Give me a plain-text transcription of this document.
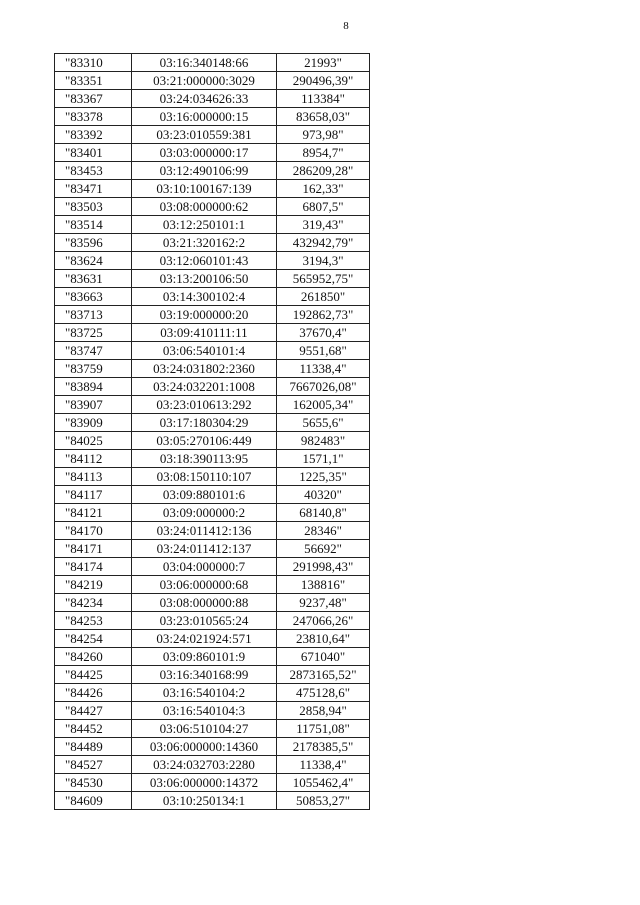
8
"83310	03:16:340148:66	21993"
"83351	03:21:000000:3029	290496,39"
"83367	03:24:034626:33	113384"
"83378	03:16:000000:15	83658,03"
"83392	03:23:010559:381	973,98"
"83401	03:03:000000:17	8954,7"
"83453	03:12:490106:99	286209,28"
"83471	03:10:100167:139	162,33"
"83503	03:08:000000:62	6807,5"
"83514	03:12:250101:1	319,43"
"83596	03:21:320162:2	432942,79"
"83624	03:12:060101:43	3194,3"
"83631	03:13:200106:50	565952,75"
"83663	03:14:300102:4	261850"
"83713	03:19:000000:20	192862,73"
"83725	03:09:410111:11	37670,4"
"83747	03:06:540101:4	9551,68"
"83759	03:24:031802:2360	11338,4"
"83894	03:24:032201:1008	7667026,08"
"83907	03:23:010613:292	162005,34"
"83909	03:17:180304:29	5655,6"
"84025	03:05:270106:449	982483"
"84112	03:18:390113:95	1571,1"
"84113	03:08:150110:107	1225,35"
"84117	03:09:880101:6	40320"
"84121	03:09:000000:2	68140,8"
"84170	03:24:011412:136	28346"
"84171	03:24:011412:137	56692"
"84174	03:04:000000:7	291998,43"
"84219	03:06:000000:68	138816"
"84234	03:08:000000:88	9237,48"
"84253	03:23:010565:24	247066,26"
"84254	03:24:021924:571	23810,64"
"84260	03:09:860101:9	671040"
"84425	03:16:340168:99	2873165,52"
"84426	03:16:540104:2	475128,6"
"84427	03:16:540104:3	2858,94"
"84452	03:06:510104:27	11751,08"
"84489	03:06:000000:14360	2178385,5"
"84527	03:24:032703:2280	11338,4"
"84530	03:06:000000:14372	1055462,4"
"84609	03:10:250134:1	50853,27"
